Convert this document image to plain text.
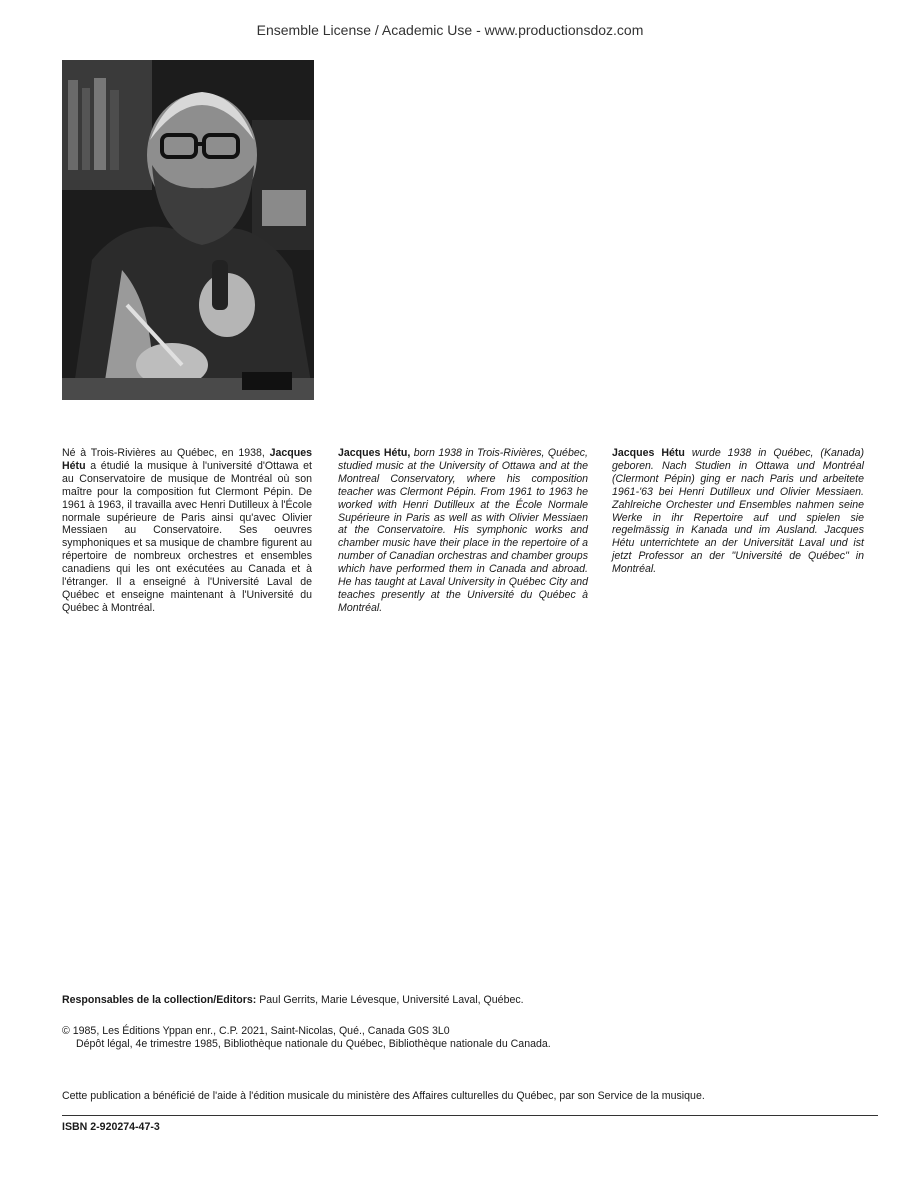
Ensemble License / Academic Use - www.productionsdoz.com

Né à Trois-Rivières au Québec, en 1938, Jacques Hétu a étudié la musique à l'université d'Ottawa et au Conservatoire de musique de Montréal où son maître pour la composition fut Clermont Pépin. De 1961 à 1963, il travailla avec Henri Dutilleux à l'École normale supérieure de Paris ainsi qu'avec Olivier Messiaen au Conservatoire. Ses oeuvres symphoniques et sa musique de chambre figurent au répertoire de nombreux orchestres et ensembles canadiens qui les ont exécutées au Canada et à l'étranger. Il a enseigné à l'Université Laval de Québec et enseigne maintenant à l'Université du Québec à Montréal.

Jacques Hétu, born 1938 in Trois-Rivières, Québec, studied music at the University of Ottawa and at the Montreal Conservatory, where his composition teacher was Clermont Pépin. From 1961 to 1963 he worked with Henri Dutilleux at the École Normale Supérieure in Paris as well as with Olivier Messiaen at the Conservatoire. His symphonic works and chamber music have their place in the repertoire of a number of Canadian orchestras and chamber groups which have performed them in Canada and abroad. He has taught at Laval University in Québec City and teaches presently at the Université du Québec à Montréal.

Jacques Hétu wurde 1938 in Québec, (Kanada) geboren. Nach Studien in Ottawa und Montréal (Clermont Pépin) ging er nach Paris und arbeitete 1961-'63 bei Henri Dutilleux und Olivier Messiaen. Zahlreiche Orchester und Ensembles nahmen seine Werke in ihr Repertoire auf und spielen sie regelmässig in Kanada und im Ausland. Jacques Hétu unterrichtete an der Universität Laval und ist jetzt Professor an der "Université de Québec" in Montréal.

Responsables de la collection/Editors: Paul Gerrits, Marie Lévesque, Université Laval, Québec.
© 1985, Les Éditions Yppan enr., C.P. 2021, Saint-Nicolas, Qué., Canada G0S 3L0
Dépôt légal, 4e trimestre 1985, Bibliothèque nationale du Québec, Bibliothèque nationale du Canada.
Cette publication a bénéficié de l'aide à l'édition musicale du ministère des Affaires culturelles du Québec, par son Service de la musique.
ISBN 2-920274-47-3
